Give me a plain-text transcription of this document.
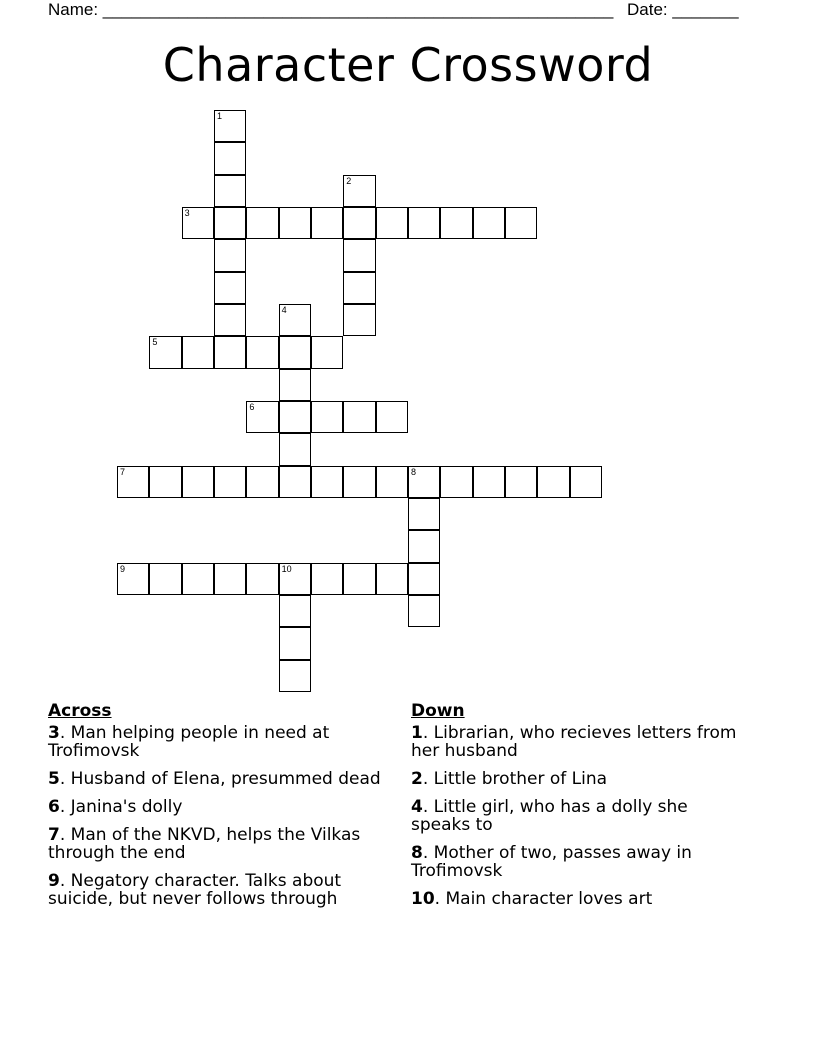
Name: ______________________________________________________ Date: _______
Character Crossword
1
2
3
4
5
6
7	8
9	10
Across
3. Man helping people in need at Trofimovsk
5. Husband of Elena, presummed dead
6. Janina's dolly
7. Man of the NKVD, helps the Vilkas through the end
9. Negatory character. Talks about suicide, but never follows through
Down
1. Librarian, who recieves letters from her husband
2. Little brother of Lina
4. Little girl, who has a dolly she speaks to
8. Mother of two, passes away in Trofimovsk
10. Main character loves art
